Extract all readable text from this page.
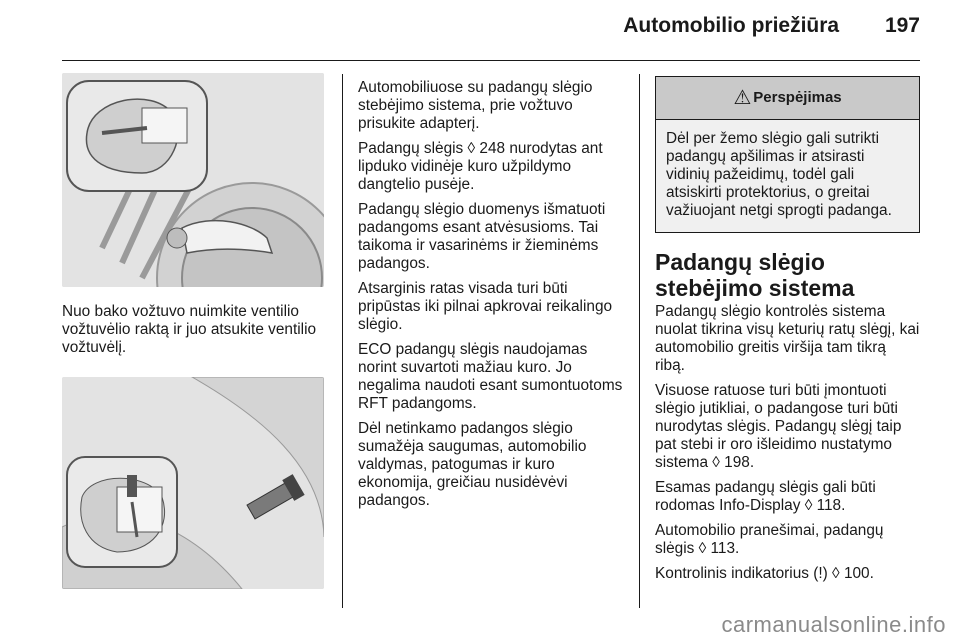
Automobilio priežiūra 197

Nuo bako vožtuvo nuimkite ventilio vožtuvėlio raktą ir juo atsukite ventilio vožtuvėlį.

Automobiliuose su padangų slėgio stebėjimo sistema, prie vožtuvo prisukite adapterį.

Padangų slėgis ◊ 248 nurodytas ant lipduko vidinėje kuro užpildymo dangtelio pusėje.

Padangų slėgio duomenys išmatuoti padangoms esant atvėsusioms. Tai taikoma ir vasarinėms ir žieminėms padangos.

Atsarginis ratas visada turi būti pripūstas iki pilnai apkrovai reikalingo slėgio.

ECO padangų slėgis naudojamas norint suvartoti mažiau kuro. Jo negalima naudoti esant sumontuotoms RFT padangoms.

Dėl netinkamo padangos slėgio sumažėja saugumas, automobilio valdymas, patogumas ir kuro ekonomija, greičiau nusidėvėvi padangos.

⚠ Perspėjimas
Dėl per žemo slėgio gali sutrikti padangų apšilimas ir atsirasti vidinių pažeidimų, todėl gali atsiskirti protektorius, o greitai važiuojant netgi sprogti padanga.
Padangų slėgio stebėjimo sistema

Padangų slėgio kontrolės sistema nuolat tikrina visų keturių ratų slėgį, kai automobilio greitis viršija tam tikrą ribą.

Visuose ratuose turi būti įmontuoti slėgio jutikliai, o padangose turi būti nurodytas slėgis. Padangų slėgį taip pat stebi ir oro išleidimo nustatymo sistema ◊ 198.

Esamas padangų slėgis gali būti rodomas Info-Display ◊ 118.

Automobilio pranešimai, padangų slėgis ◊ 113.

Kontrolinis indikatorius (!) ◊ 100.

carmanualsonline.info
